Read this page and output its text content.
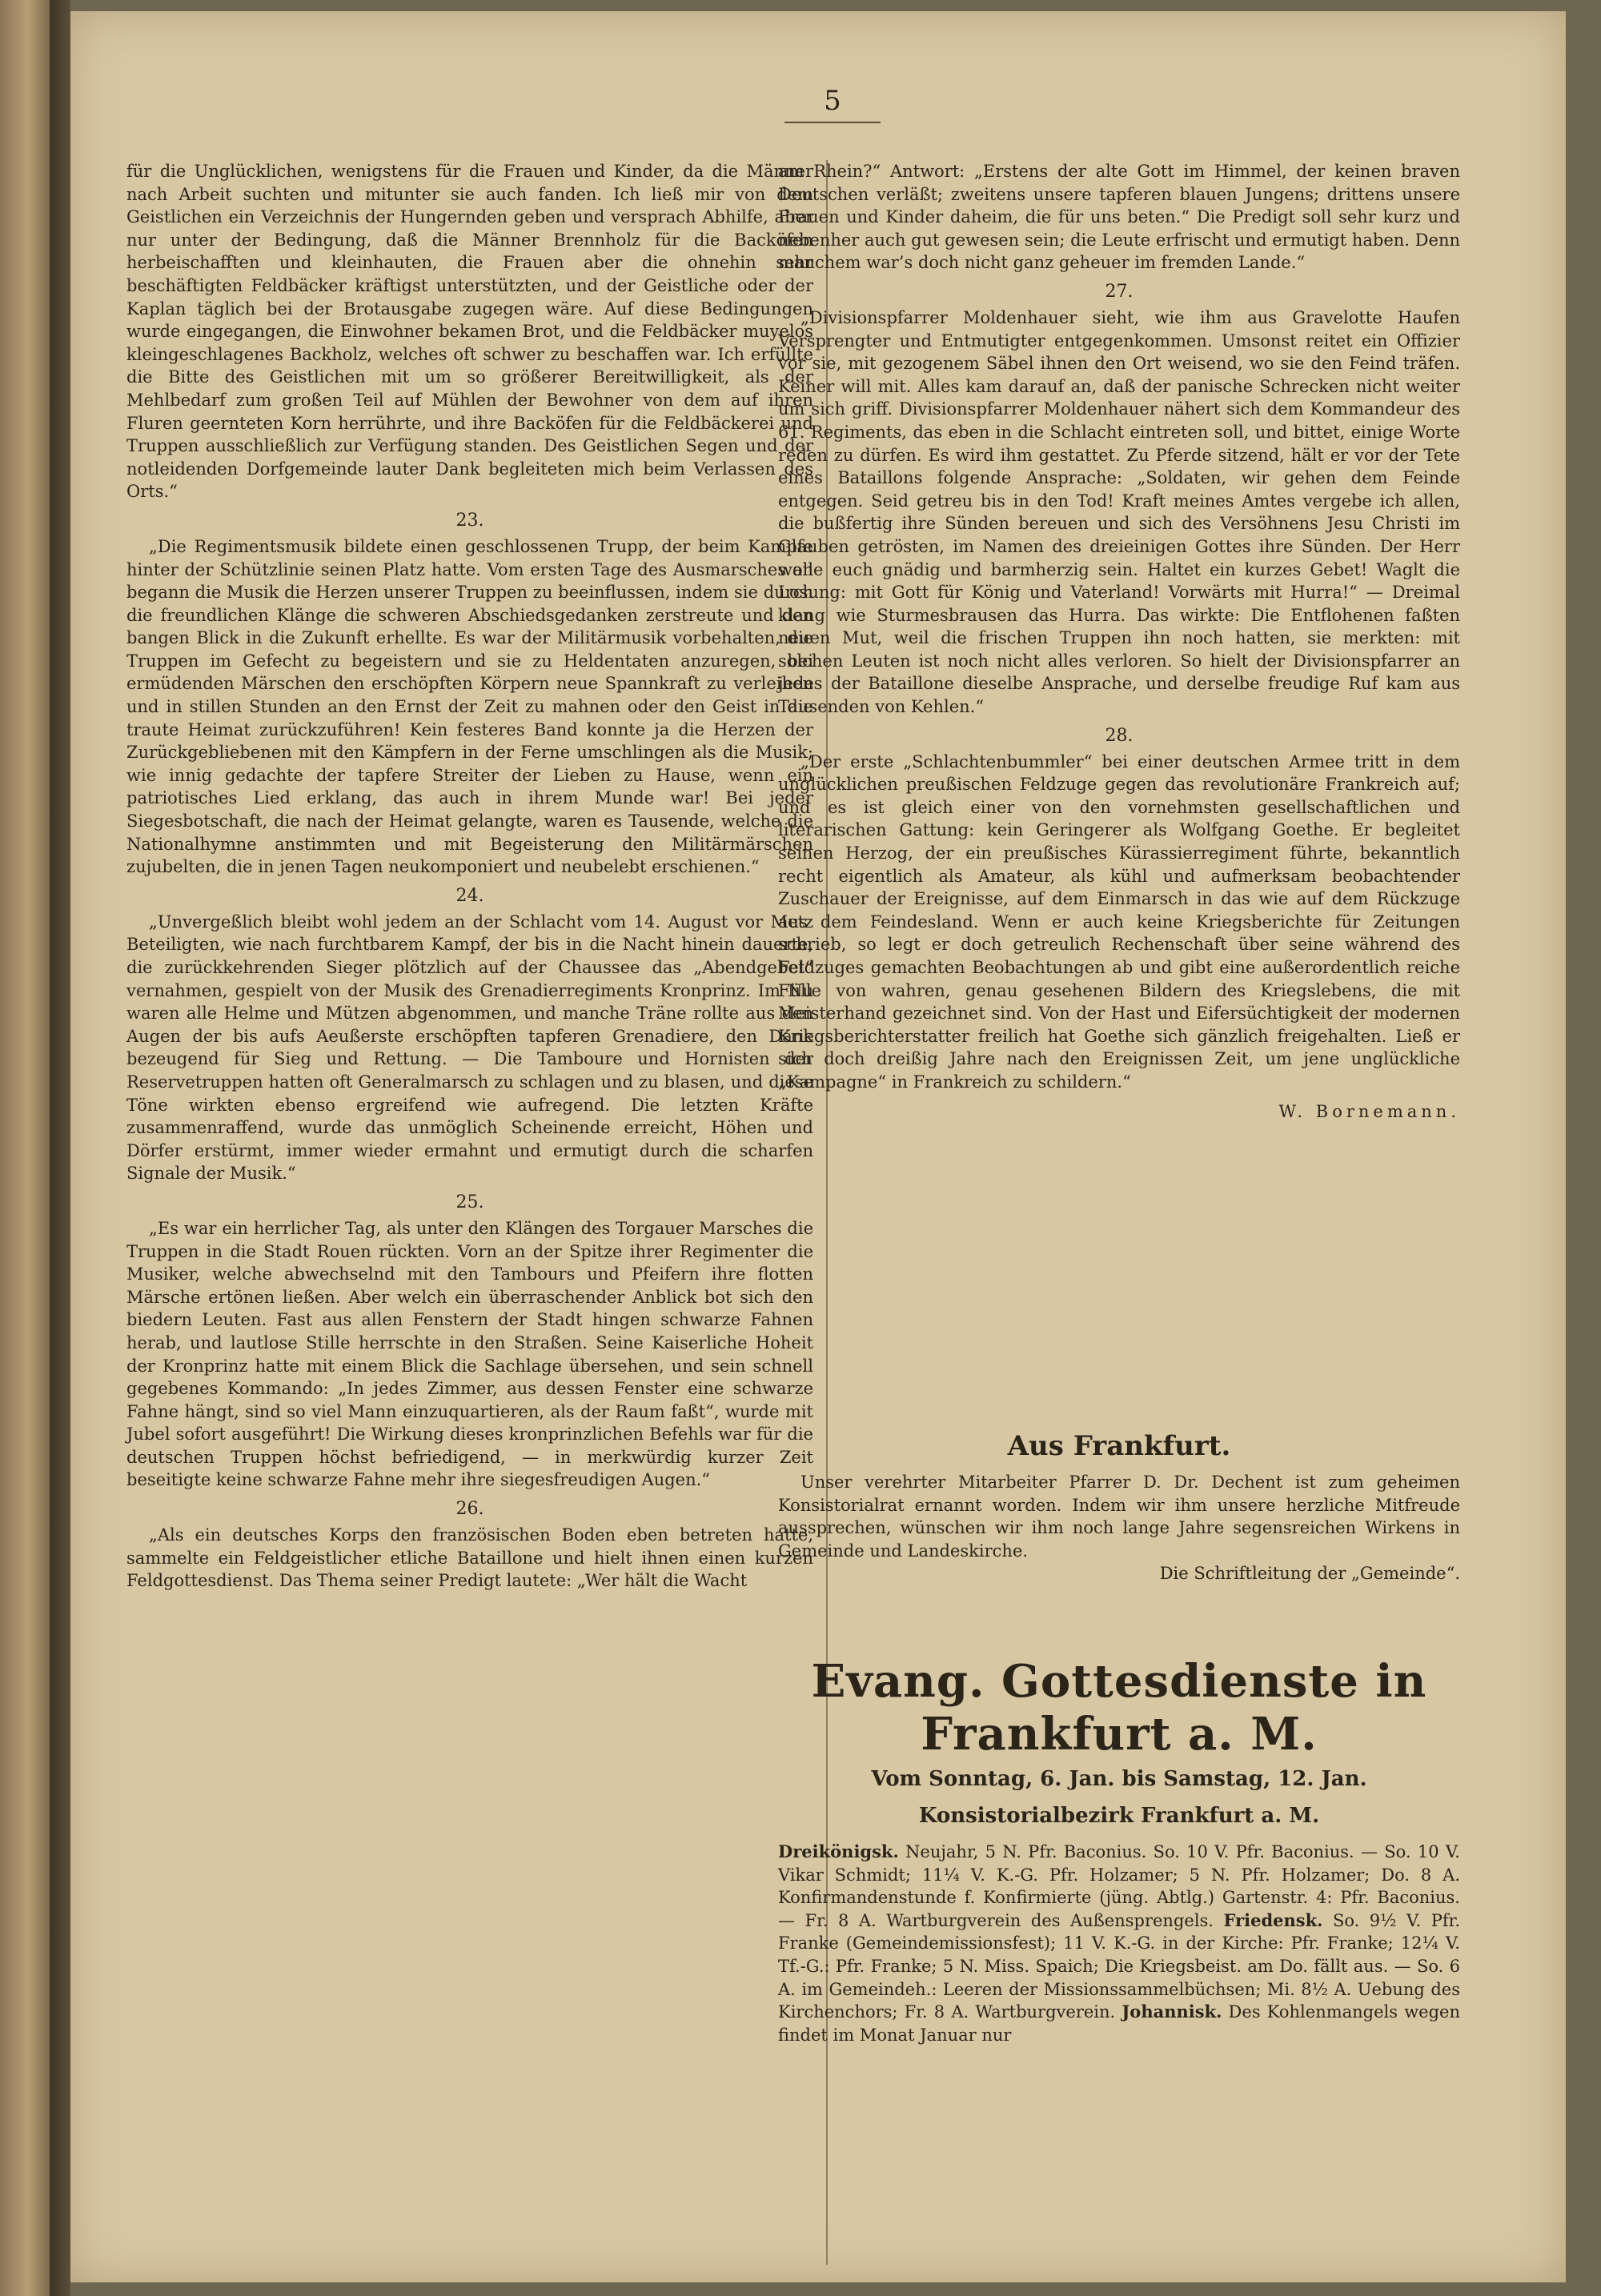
5

für die Unglücklichen, wenigstens für die Frauen und Kinder, da die Männer nach Arbeit suchten und mitunter sie auch fanden. Ich ließ mir von dem Geistlichen ein Verzeichnis der Hungernden geben und versprach Abhilfe, aber nur unter der Bedingung, daß die Männer Brennholz für die Backöfen herbeischafften und kleinhauten, die Frauen aber die ohnehin sehr beschäftigten Feldbäcker kräftigst unterstützten, und der Geistliche oder der Kaplan täglich bei der Brotausgabe zugegen wäre. Auf diese Bedingungen wurde eingegangen, die Einwohner bekamen Brot, und die Feldbäcker muyelos kleingeschlagenes Backholz, welches oft schwer zu beschaffen war. Ich erfüllte die Bitte des Geistlichen mit um so größerer Bereitwilligkeit, als der Mehlbedarf zum großen Teil auf Mühlen der Bewohner von dem auf ihren Fluren geernteten Korn herrührte, und ihre Backöfen für die Feldbäckerei und Truppen ausschließlich zur Verfügung standen. Des Geistlichen Segen und der notleidenden Dorfgemeinde lauter Dank begleiteten mich beim Verlassen des Orts.“

23.

„Die Regimentsmusik bildete einen geschlossenen Trupp, der beim Kampfe hinter der Schützlinie seinen Platz hatte. Vom ersten Tage des Ausmarsches an begann die Musik die Herzen unserer Truppen zu beeinflussen, indem sie durch die freundlichen Klänge die schweren Abschiedsgedanken zerstreute und den bangen Blick in die Zukunft erhellte. Es war der Militärmusik vorbehalten, die Truppen im Gefecht zu begeistern und sie zu Heldentaten anzuregen, bei ermüdenden Märschen den erschöpften Körpern neue Spannkraft zu verleihen und in stillen Stunden an den Ernst der Zeit zu mahnen oder den Geist in die traute Heimat zurückzuführen! Kein festeres Band konnte ja die Herzen der Zurückgebliebenen mit den Kämpfern in der Ferne umschlingen als die Musik; wie innig gedachte der tapfere Streiter der Lieben zu Hause, wenn ein patriotisches Lied erklang, das auch in ihrem Munde war! Bei jeder Siegesbotschaft, die nach der Heimat gelangte, waren es Tausende, welche die Nationalhymne anstimmten und mit Begeisterung den Militärmärschen zujubelten, die in jenen Tagen neukomponiert und neubelebt erschienen.“

24.

„Unvergeßlich bleibt wohl jedem an der Schlacht vom 14. August vor Metz Beteiligten, wie nach furchtbarem Kampf, der bis in die Nacht hinein dauerte, die zurückkehrenden Sieger plötzlich auf der Chaussee das „Abendgebet“ vernahmen, gespielt von der Musik des Grenadierregiments Kronprinz. Im Nu waren alle Helme und Mützen abgenommen, und manche Träne rollte aus den Augen der bis aufs Aeußerste erschöpften tapferen Grenadiere, den Dank bezeugend für Sieg und Rettung. — Die Tamboure und Hornisten der Reservetruppen hatten oft Generalmarsch zu schlagen und zu blasen, und diese Töne wirkten ebenso ergreifend wie aufregend. Die letzten Kräfte zusammenraffend, wurde das unmöglich Scheinende erreicht, Höhen und Dörfer erstürmt, immer wieder ermahnt und ermutigt durch die scharfen Signale der Musik.“

25.

„Es war ein herrlicher Tag, als unter den Klängen des Torgauer Marsches die Truppen in die Stadt Rouen rückten. Vorn an der Spitze ihrer Regimenter die Musiker, welche abwechselnd mit den Tambours und Pfeifern ihre flotten Märsche ertönen ließen. Aber welch ein überraschender Anblick bot sich den biedern Leuten. Fast aus allen Fenstern der Stadt hingen schwarze Fahnen herab, und lautlose Stille herrschte in den Straßen. Seine Kaiserliche Hoheit der Kronprinz hatte mit einem Blick die Sachlage übersehen, und sein schnell gegebenes Kommando: „In jedes Zimmer, aus dessen Fenster eine schwarze Fahne hängt, sind so viel Mann einzuquartieren, als der Raum faßt“, wurde mit Jubel sofort ausgeführt! Die Wirkung dieses kronprinzlichen Befehls war für die deutschen Truppen höchst befriedigend, — in merkwürdig kurzer Zeit beseitigte keine schwarze Fahne mehr ihre siegesfreudigen Augen.“

26.

„Als ein deutsches Korps den französischen Boden eben betreten hatte, sammelte ein Feldgeistlicher etliche Bataillone und hielt ihnen einen kurzen Feldgottesdienst. Das Thema seiner Predigt lautete: „Wer hält die Wacht

am Rhein?“ Antwort: „Erstens der alte Gott im Himmel, der keinen braven Deutschen verläßt; zweitens unsere tapferen blauen Jungens; drittens unsere Frauen und Kinder daheim, die für uns beten.“ Die Predigt soll sehr kurz und nebenher auch gut gewesen sein; die Leute erfrischt und ermutigt haben. Denn manchem war’s doch nicht ganz geheuer im fremden Lande.“

27.

„Divisionspfarrer Moldenhauer sieht, wie ihm aus Gravelotte Haufen Versprengter und Entmutigter entgegenkommen. Umsonst reitet ein Offizier vor sie, mit gezogenem Säbel ihnen den Ort weisend, wo sie den Feind träfen. Keiner will mit. Alles kam darauf an, daß der panische Schrecken nicht weiter um sich griff. Divisionspfarrer Moldenhauer nähert sich dem Kommandeur des 61. Regiments, das eben in die Schlacht eintreten soll, und bittet, einige Worte reden zu dürfen. Es wird ihm gestattet. Zu Pferde sitzend, hält er vor der Tete eines Bataillons folgende Ansprache: „Soldaten, wir gehen dem Feinde entgegen. Seid getreu bis in den Tod! Kraft meines Amtes vergebe ich allen, die bußfertig ihre Sünden bereuen und sich des Versöhnens Jesu Christi im Glauben getrösten, im Namen des dreieinigen Gottes ihre Sünden. Der Herr wolle euch gnädig und barmherzig sein. Haltet ein kurzes Gebet! Waglt die Losung: mit Gott für König und Vaterland! Vorwärts mit Hurra!“ — Dreimal klang wie Sturmesbrausen das Hurra. Das wirkte: Die Entflohenen faßten neuen Mut, weil die frischen Truppen ihn noch hatten, sie merkten: mit solchen Leuten ist noch nicht alles verloren. So hielt der Divisionspfarrer an jedes der Bataillone dieselbe Ansprache, und derselbe freudige Ruf kam aus Tausenden von Kehlen.“

28.

„Der erste „Schlachtenbummler“ bei einer deutschen Armee tritt in dem unglücklichen preußischen Feldzuge gegen das revolutionäre Frankreich auf; und es ist gleich einer von den vornehmsten gesellschaftlichen und literarischen Gattung: kein Geringerer als Wolfgang Goethe. Er begleitet seinen Herzog, der ein preußisches Kürassierregiment führte, bekanntlich recht eigentlich als Amateur, als kühl und aufmerksam beobachtender Zuschauer der Ereignisse, auf dem Einmarsch in das wie auf dem Rückzuge aus dem Feindesland. Wenn er auch keine Kriegsberichte für Zeitungen schrieb, so legt er doch getreulich Rechenschaft über seine während des Feldzuges gemachten Beobachtungen ab und gibt eine außerordentlich reiche Fülle von wahren, genau gesehenen Bildern des Kriegslebens, die mit Meisterhand gezeichnet sind. Von der Hast und Eifersüchtigkeit der modernen Kriegsberichterstatter freilich hat Goethe sich gänzlich freigehalten. Ließ er sich doch dreißig Jahre nach den Ereignissen Zeit, um jene unglückliche „Kampagne“ in Frankreich zu schildern.“

W. Bornemann.

Aus Frankfurt.

Unser verehrter Mitarbeiter Pfarrer D. Dr. Dechent ist zum geheimen Konsistorialrat ernannt worden. Indem wir ihm unsere herzliche Mitfreude aussprechen, wünschen wir ihm noch lange Jahre segensreichen Wirkens in Gemeinde und Landeskirche.

Die Schriftleitung der „Gemeinde“.

Evang. Gottesdienste in Frankfurt a. M.
Vom Sonntag, 6. Jan. bis Samstag, 12. Jan.
Konsistorialbezirk Frankfurt a. M.

Dreikönigsk. Neujahr, 5 N. Pfr. Baconius. So. 10 V. Pfr. Baconius. — So. 10 V. Vikar Schmidt; 11¼ V. K.-G. Pfr. Holzamer; 5 N. Pfr. Holzamer; Do. 8 A. Konfirmandenstunde f. Konfirmierte (jüng. Abtlg.) Gartenstr. 4: Pfr. Baconius. — Fr. 8 A. Wartburgverein des Außensprengels. Friedensk. So. 9½ V. Pfr. Franke (Gemeindemissionsfest); 11 V. K.-G. in der Kirche: Pfr. Franke; 12¼ V. Tf.-G.: Pfr. Franke; 5 N. Miss. Spaich; Die Kriegsbeist. am Do. fällt aus. — So. 6 A. im Gemeindeh.: Leeren der Missionssammelbüchsen; Mi. 8½ A. Uebung des Kirchenchors; Fr. 8 A. Wartburgverein. Johannisk. Des Kohlenmangels wegen findet im Monat Januar nur
